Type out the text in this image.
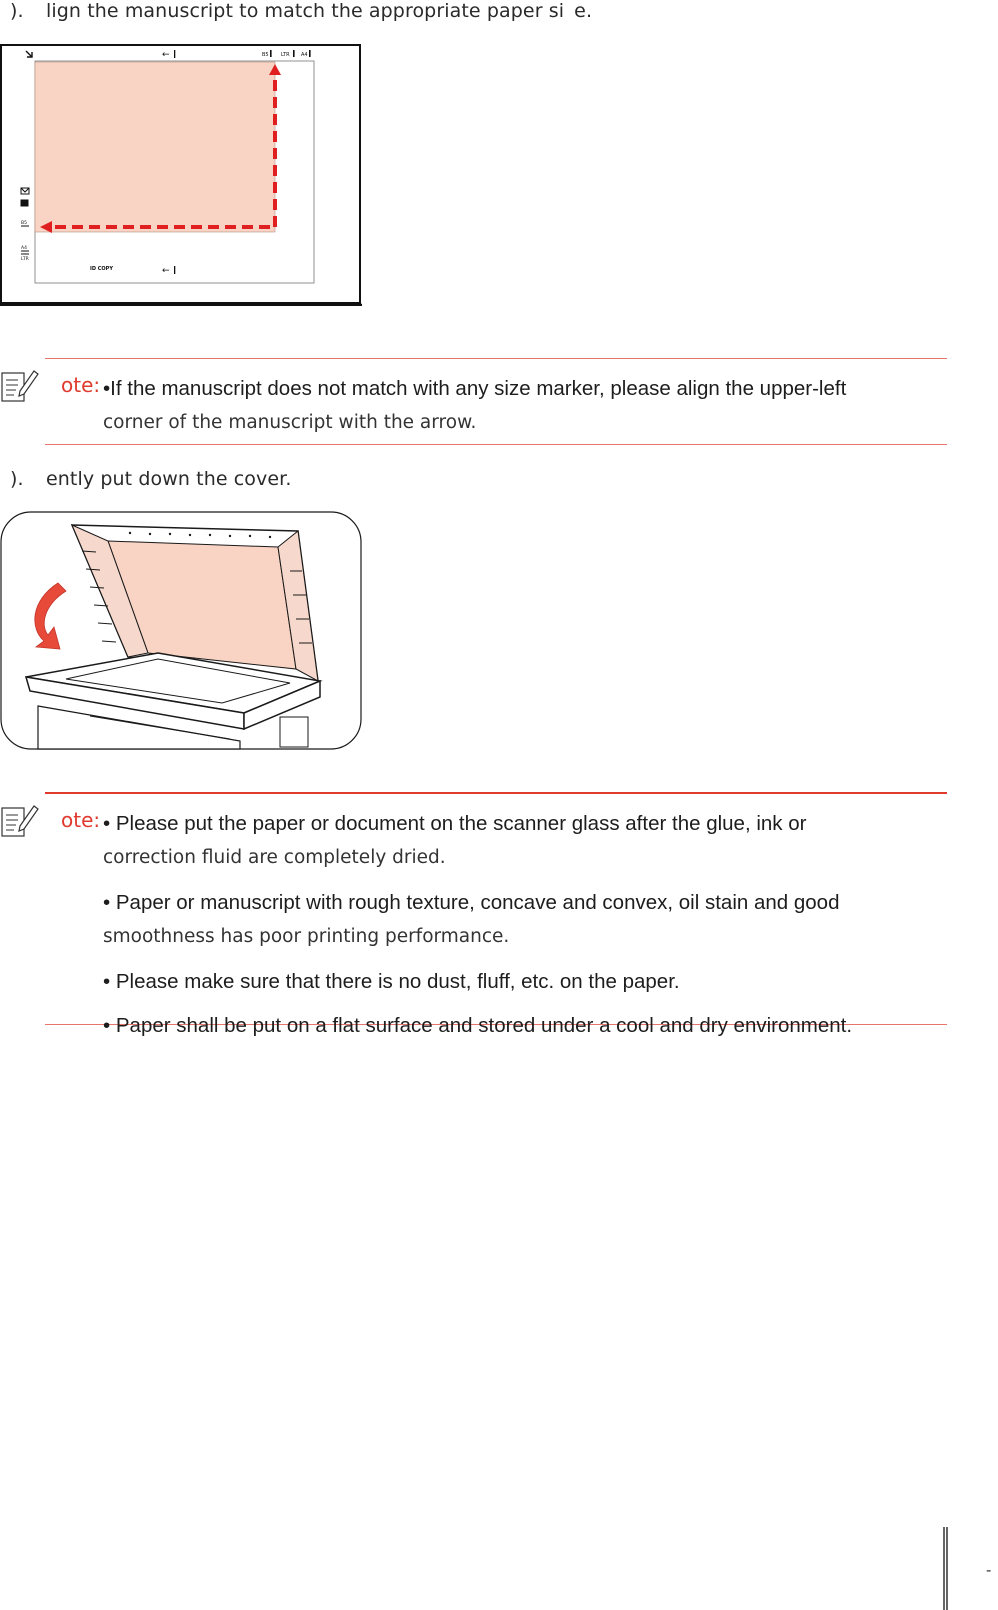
). lign the manuscript to match the appropriate paper si  e.
←	B5 LTR A4
←
ID COPY
B5
A4
LTR
ote: •If the manuscript does not match with any size marker, please align the upper-left
corner of the manuscript with the arrow.

). ently put down the cover.
ote: • Please put the paper or document on the scanner glass after the glue, ink or
correction fluid are completely dried.

• Paper or manuscript with rough texture, concave and convex, oil stain and good
smoothness has poor printing performance.

• Please make sure that there is no dust, fluff, etc. on the paper.

• Paper shall be put on a flat surface and stored under a cool and dry environment.

-
